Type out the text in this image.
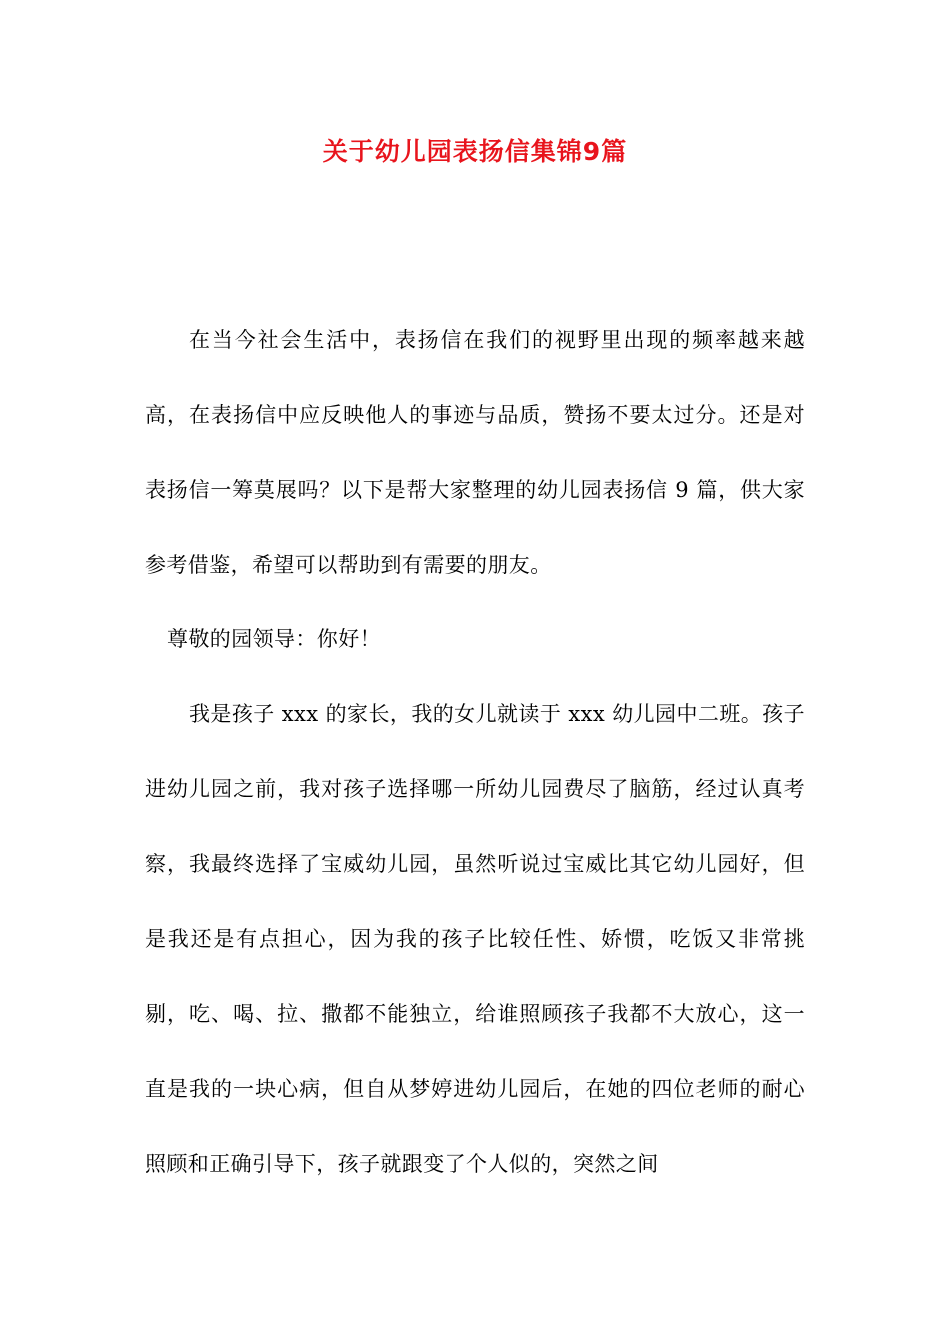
关于幼儿园表扬信集锦9篇

在当今社会生活中，表扬信在我们的视野里出现的频率越来越高，在表扬信中应反映他人的事迹与品质，赞扬不要太过分。还是对表扬信一筹莫展吗？以下是帮大家整理的幼儿园表扬信 9 篇，供大家参考借鉴，希望可以帮助到有需要的朋友。

尊敬的园领导：你好！

我是孩子 xxx 的家长，我的女儿就读于 xxx 幼儿园中二班。孩子进幼儿园之前，我对孩子选择哪一所幼儿园费尽了脑筋，经过认真考察，我最终选择了宝威幼儿园，虽然听说过宝威比其它幼儿园好，但是我还是有点担心，因为我的孩子比较任性、娇惯，吃饭又非常挑剔，吃、喝、拉、撒都不能独立，给谁照顾孩子我都不大放心，这一直是我的一块心病，但自从梦婷进幼儿园后，在她的四位老师的耐心照顾和正确引导下，孩子就跟变了个人似的，突然之间
